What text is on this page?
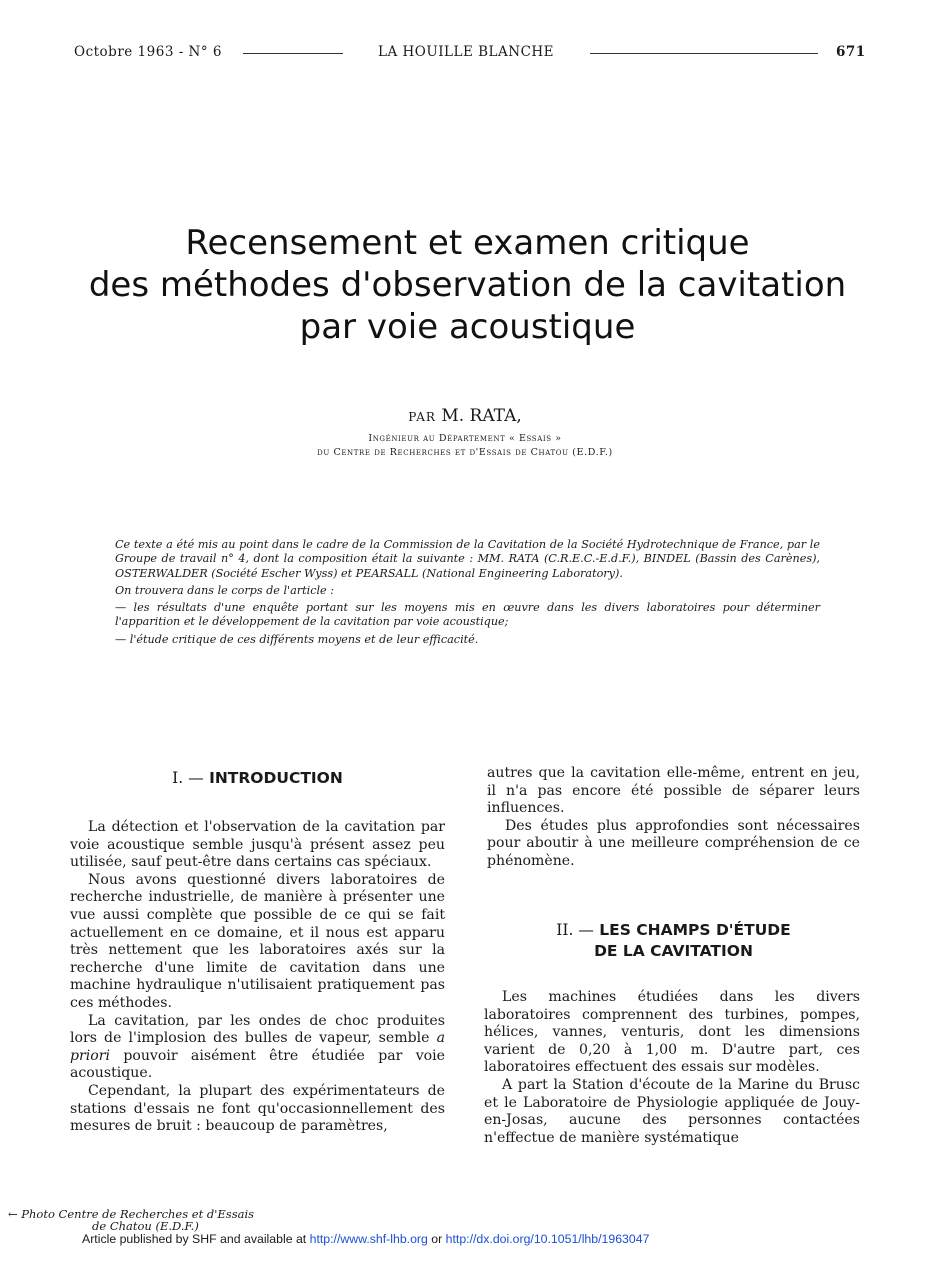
Octobre 1963 - N° 6	LA HOUILLE BLANCHE	671
Recensement et examen critique
des méthodes d'observation de la cavitation
par voie acoustique
PAR M. RATA,
Ingénieur au Département « Essais »
du Centre de Recherches et d'Essais de Chatou (E.D.F.)

Ce texte a été mis au point dans le cadre de la Commission de la Cavitation de la Société Hydrotechnique de France, par le Groupe de travail n° 4, dont la composition était la suivante : MM. RATA (C.R.E.C.-E.d.F.), BINDEL (Bassin des Carènes), OSTERWALDER (Société Escher Wyss) et PEARSALL (National Engineering Laboratory).

On trouvera dans le corps de l'article :

— les résultats d'une enquête portant sur les moyens mis en œuvre dans les divers laboratoires pour déterminer l'apparition et le développement de la cavitation par voie acoustique;

— l'étude critique de ces différents moyens et de leur efficacité.

I. — INTRODUCTION

La détection et l'observation de la cavitation par voie acoustique semble jusqu'à présent assez peu utilisée, sauf peut-être dans certains cas spéciaux.

Nous avons questionné divers laboratoires de recherche industrielle, de manière à présenter une vue aussi complète que possible de ce qui se fait actuellement en ce domaine, et il nous est apparu très nettement que les laboratoires axés sur la recherche d'une limite de cavitation dans une machine hydraulique n'utilisaient pratiquement pas ces méthodes.

La cavitation, par les ondes de choc produites lors de l'implosion des bulles de vapeur, semble a priori pouvoir aisément être étudiée par voie acoustique.

Cependant, la plupart des expérimentateurs de stations d'essais ne font qu'occasionnellement des mesures de bruit : beaucoup de paramètres,

autres que la cavitation elle-même, entrent en jeu, il n'a pas encore été possible de séparer leurs influences.

Des études plus approfondies sont nécessaires pour aboutir à une meilleure compréhension de ce phénomène.

II. — LES CHAMPS D'ÉTUDE
DE LA CAVITATION

Les machines étudiées dans les divers laboratoires comprennent des turbines, pompes, hélices, vannes, venturis, dont les dimensions varient de 0,20 à 1,00 m. D'autre part, ces laboratoires effectuent des essais sur modèles.

A part la Station d'écoute de la Marine du Brusc et le Laboratoire de Physiologie appliquée de Jouy-en-Josas, aucune des personnes contactées n'effectue de manière systématique

← Photo Centre de Recherches et d'Essais
de Chatou (E.D.F.)
Article published by SHF and available at http://www.shf-lhb.org or http://dx.doi.org/10.1051/lhb/1963047
